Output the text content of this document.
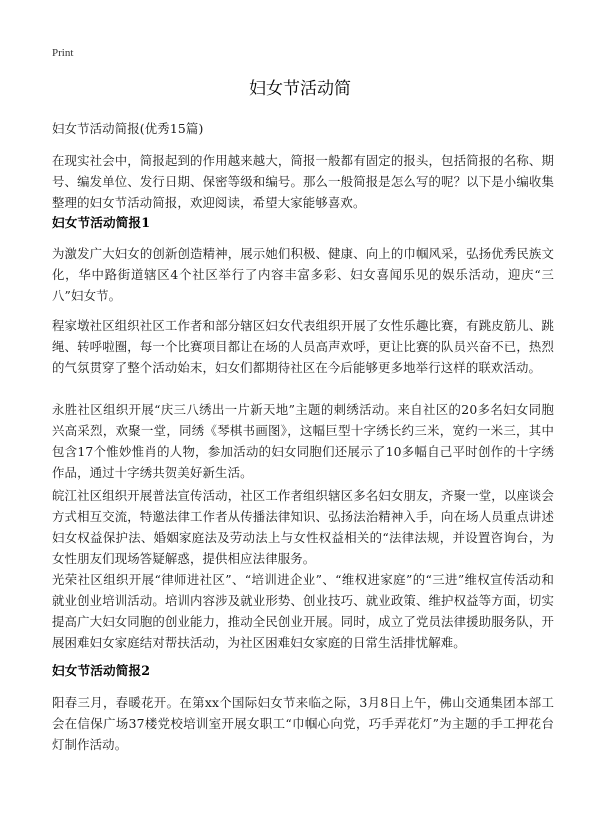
Print
妇女节活动简
妇女节活动简报(优秀15篇)
在现实社会中，简报起到的作用越来越大，简报一般都有固定的报头，包括简报的名称、期号、编发单位、发行日期、保密等级和编号。那么一般简报是怎么写的呢？以下是小编收集整理的妇女节活动简报，欢迎阅读，希望大家能够喜欢。
妇女节活动简报1
为激发广大妇女的创新创造精神，展示她们积极、健康、向上的巾帼风采，弘扬优秀民族文化，华中路街道辖区4个社区举行了内容丰富多彩、妇女喜闻乐见的娱乐活动，迎庆“三八”妇女节。
程家墩社区组织社区工作者和部分辖区妇女代表组织开展了女性乐趣比赛，有跳皮筋儿、跳绳、转呼啦圈，每一个比赛项目都让在场的人员高声欢呼，更让比赛的队员兴奋不已，热烈的气氛贯穿了整个活动始末，妇女们都期待社区在今后能够更多地举行这样的联欢活动。
永胜社区组织开展“庆三八绣出一片新天地”主题的刺绣活动。来自社区的20多名妇女同胞兴高采烈，欢聚一堂，同绣《琴棋书画图》，这幅巨型十字绣长约三米，宽约一米三，其中包含17个惟妙惟肖的人物，参加活动的妇女同胞们还展示了10多幅自己平时创作的十字绣作品，通过十字绣共贺美好新生活。
皖江社区组织开展普法宣传活动，社区工作者组织辖区多名妇女朋友，齐聚一堂，以座谈会方式相互交流，特邀法律工作者从传播法律知识、弘扬法治精神入手，向在场人员重点讲述妇女权益保护法、婚姻家庭法及劳动法上与女性权益相关的“法律法规，并设置咨询台，为女性朋友们现场答疑解惑，提供相应法律服务。
光荣社区组织开展“律师进社区”、“培训进企业”、“维权进家庭”的“三进”维权宣传活动和就业创业培训活动。培训内容涉及就业形势、创业技巧、就业政策、维护权益等方面，切实提高广大妇女同胞的创业能力，推动全民创业开展。同时，成立了党员法律援助服务队，开展困难妇女家庭结对帮扶活动，为社区困难妇女家庭的日常生活排忧解难。
妇女节活动简报2
阳春三月，春暖花开。在第xx个国际妇女节来临之际，3月8日上午，佛山交通集团本部工会在信保广场37楼党校培训室开展女职工“巾帼心向党，巧手弄花灯”为主题的手工押花台灯制作活动。
